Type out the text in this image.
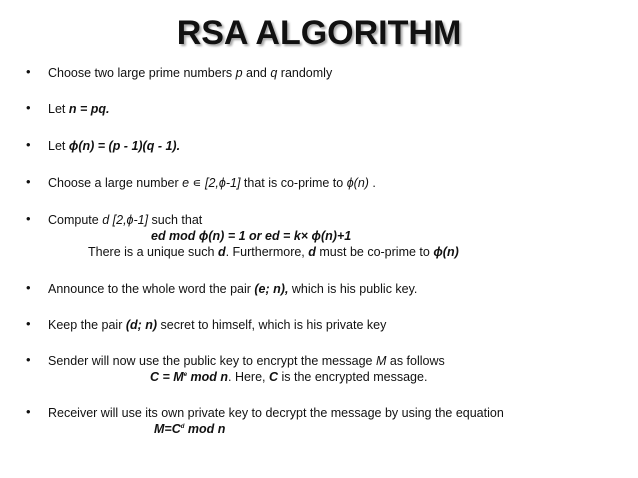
RSA ALGORITHM
• Choose two large prime numbers p and q randomly
• Let n = pq.
• Let ϕ(n) = (p - 1)(q - 1).
• Choose a large number e ∊ [2,ϕ-1] that is co-prime to ϕ(n) .
• Compute d [2,ϕ-1] such that
ed mod ϕ(n) = 1 or ed = k× ϕ(n)+1
There is a unique such d. Furthermore, d must be co-prime to ϕ(n)
• Announce to the whole word the pair (e; n), which is his public key.
• Keep the pair (d; n) secret to himself, which is his private key
• Sender will now use the public key to encrypt the message M as follows
$C = M^e$ mod n. Here, C is the encrypted message.
• Receiver will use its own private key to decrypt the message by using the equation
$M=C^d$ mod n
